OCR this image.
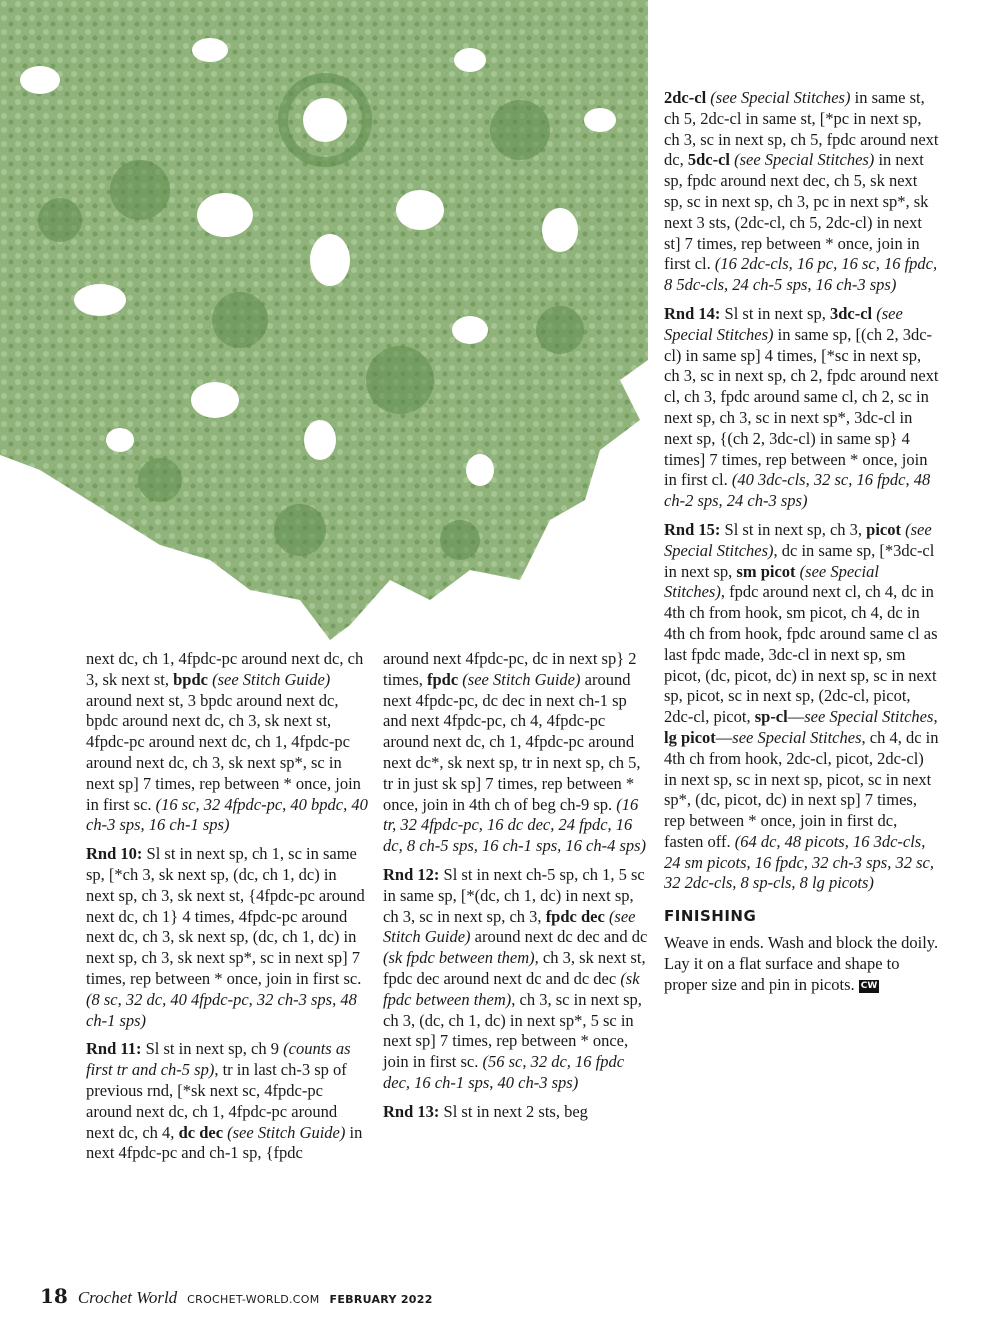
next dc, ch 1, 4fpdc-pc around next dc, ch 3, sk next st, bpdc (see Stitch Guide) around next st, 3 bpdc around next dc, bpdc around next dc, ch 3, sk next st, 4fpdc-pc around next dc, ch 1, 4fpdc-pc around next dc, ch 3, sk next sp*, sc in next sp] 7 times, rep between * once, join in first sc. (16 sc, 32 4fpdc-pc, 40 bpdc, 40 ch-3 sps, 16 ch-1 sps)

Rnd 10: Sl st in next sp, ch 1, sc in same sp, [*ch 3, sk next sp, (dc, ch 1, dc) in next sp, ch 3, sk next st, {4fpdc-pc around next dc, ch 1} 4 times, 4fpdc-pc around next dc, ch 3, sk next sp, (dc, ch 1, dc) in next sp, ch 3, sk next sp*, sc in next sp] 7 times, rep between * once, join in first sc. (8 sc, 32 dc, 40 4fpdc-pc, 32 ch-3 sps, 48 ch-1 sps)

Rnd 11: Sl st in next sp, ch 9 (counts as first tr and ch-5 sp), tr in last ch-3 sp of previous rnd, [*sk next sc, 4fpdc-pc around next dc, ch 1, 4fpdc-pc around next dc, ch 4, dc dec (see Stitch Guide) in next 4fpdc-pc and ch-1 sp, {fpdc

around next 4fpdc-pc, dc in next sp} 2 times, fpdc (see Stitch Guide) around next 4fpdc-pc, dc dec in next ch-1 sp and next 4fpdc-pc, ch 4, 4fpdc-pc around next dc, ch 1, 4fpdc-pc around next dc*, sk next sp, tr in next sp, ch 5, tr in just sk sp] 7 times, rep between * once, join in 4th ch of beg ch-9 sp. (16 tr, 32 4fpdc-pc, 16 dc dec, 24 fpdc, 16 dc, 8 ch-5 sps, 16 ch-1 sps, 16 ch-4 sps)

Rnd 12: Sl st in next ch-5 sp, ch 1, 5 sc in same sp, [*(dc, ch 1, dc) in next sp, ch 3, sc in next sp, ch 3, fpdc dec (see Stitch Guide) around next dc dec and dc (sk fpdc between them), ch 3, sk next st, fpdc dec around next dc and dc dec (sk fpdc between them), ch 3, sc in next sp, ch 3, (dc, ch 1, dc) in next sp*, 5 sc in next sp] 7 times, rep between * once, join in first sc. (56 sc, 32 dc, 16 fpdc dec, 16 ch-1 sps, 40 ch-3 sps)

Rnd 13: Sl st in next 2 sts, beg

2dc-cl (see Special Stitches) in same st, ch 5, 2dc-cl in same st, [*pc in next sp, ch 3, sc in next sp, ch 5, fpdc around next dc, 5dc-cl (see Special Stitches) in next sp, fpdc around next dec, ch 5, sk next sp, sc in next sp, ch 3, pc in next sp*, sk next 3 sts, (2dc-cl, ch 5, 2dc-cl) in next st] 7 times, rep between * once, join in first cl. (16 2dc-cls, 16 pc, 16 sc, 16 fpdc, 8 5dc-cls, 24 ch-5 sps, 16 ch-3 sps)

Rnd 14: Sl st in next sp, 3dc-cl (see Special Stitches) in same sp, [(ch 2, 3dc-cl) in same sp] 4 times, [*sc in next sp, ch 3, sc in next sp, ch 2, fpdc around next cl, ch 3, fpdc around same cl, ch 2, sc in next sp, ch 3, sc in next sp*, 3dc-cl in next sp, {(ch 2, 3dc-cl) in same sp} 4 times] 7 times, rep between * once, join in first cl. (40 3dc-cls, 32 sc, 16 fpdc, 48 ch-2 sps, 24 ch-3 sps)

Rnd 15: Sl st in next sp, ch 3, picot (see Special Stitches), dc in same sp, [*3dc-cl in next sp, sm picot (see Special Stitches), fpdc around next cl, ch 4, dc in 4th ch from hook, sm picot, ch 4, dc in 4th ch from hook, fpdc around same cl as last fpdc made, 3dc-cl in next sp, sm picot, (dc, picot, dc) in next sp, sc in next sp, picot, sc in next sp, (2dc-cl, picot, 2dc-cl, picot, sp-cl—see Special Stitches, lg picot—see Special Stitches, ch 4, dc in 4th ch from hook, 2dc-cl, picot, 2dc-cl) in next sp, sc in next sp, picot, sc in next sp*, (dc, picot, dc) in next sp] 7 times, rep between * once, join in first dc, fasten off. (64 dc, 48 picots, 16 3dc-cls, 24 sm picots, 16 fpdc, 32 ch-3 sps, 32 sc, 32 2dc-cls, 8 sp-cls, 8 lg picots)

FINISHING

Weave in ends. Wash and block the doily. Lay it on a flat surface and shape to proper size and pin in picots. CW

18 Crochet World CROCHET-WORLD.COM FEBRUARY 2022
